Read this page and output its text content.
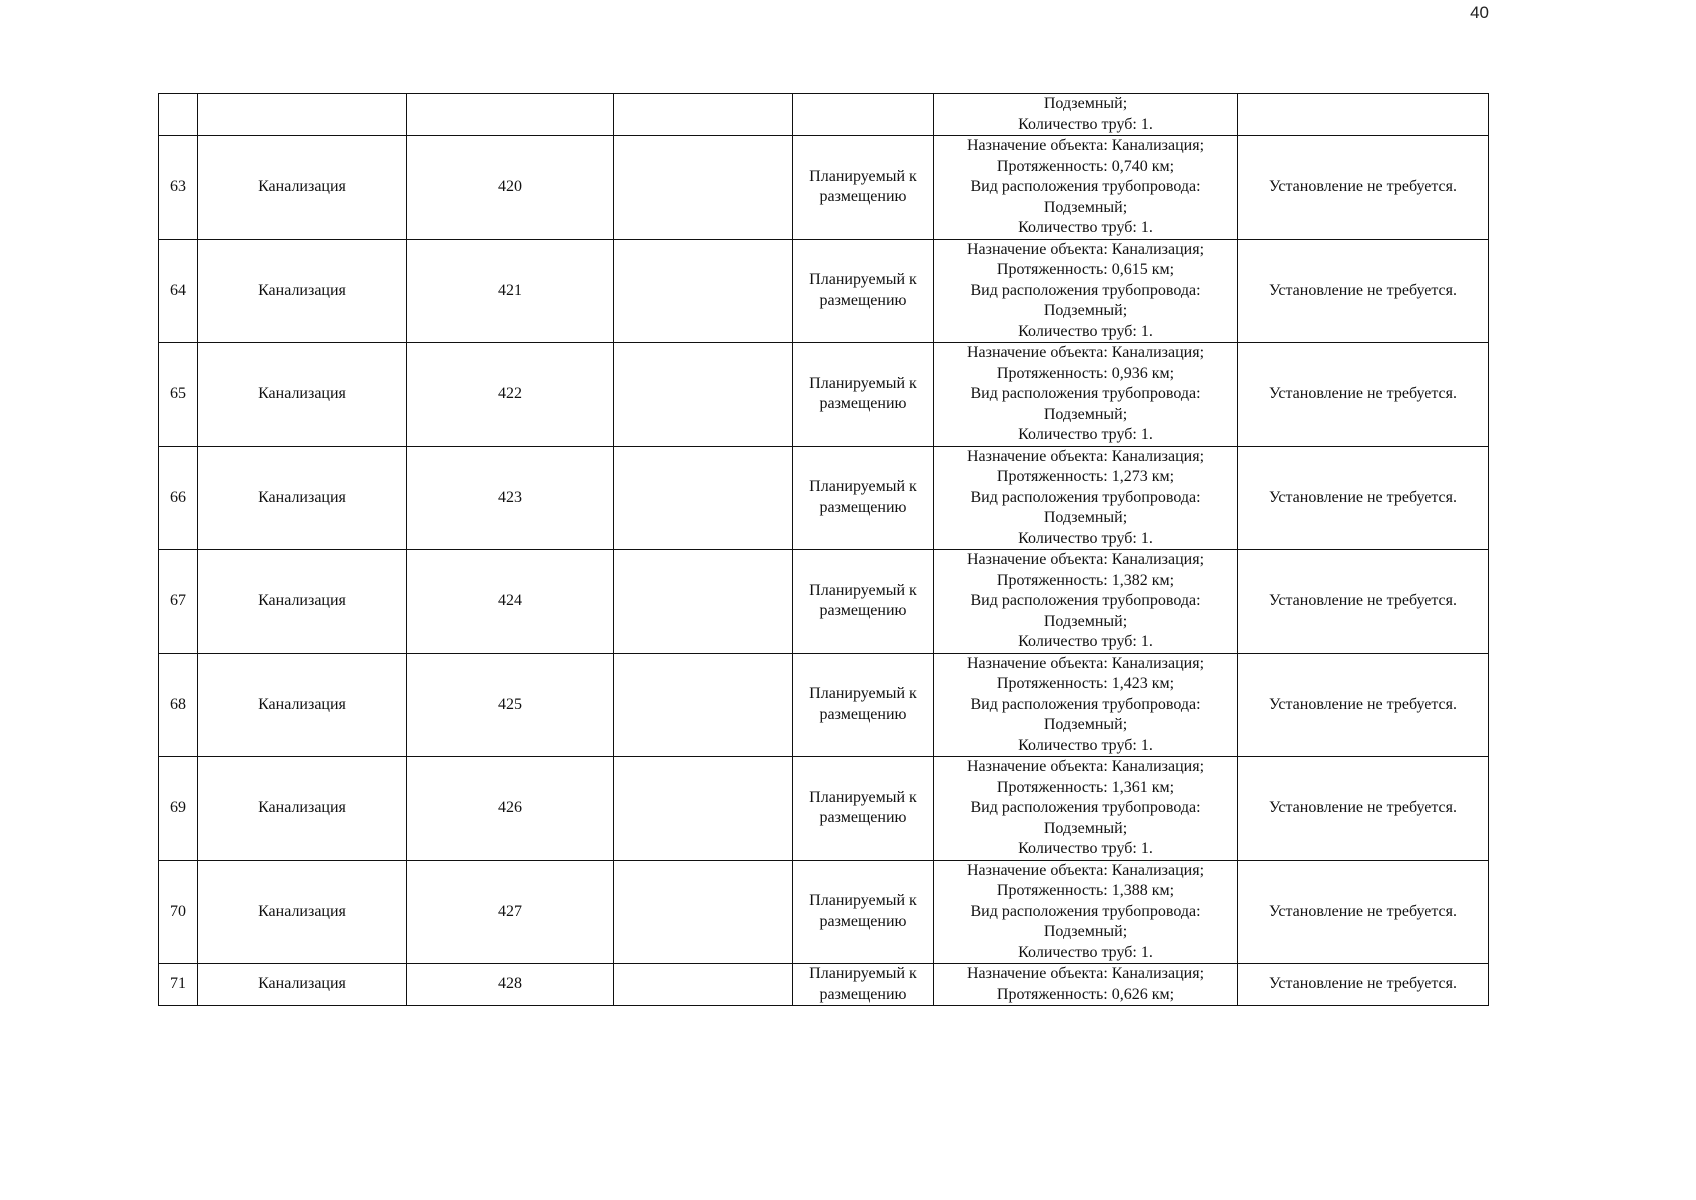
40

					Подземный;
Количество труб: 1.	

63	Канализация	420		Планируемый к размещению	Назначение объекта: Канализация;
Протяженность: 0,740 км;
Вид расположения трубопровода:
Подземный;
Количество труб: 1.	Установление не требуется.
64	Канализация	421		Планируемый к размещению	Назначение объекта: Канализация;
Протяженность: 0,615 км;
Вид расположения трубопровода:
Подземный;
Количество труб: 1.	Установление не требуется.
65	Канализация	422		Планируемый к размещению	Назначение объекта: Канализация;
Протяженность: 0,936 км;
Вид расположения трубопровода:
Подземный;
Количество труб: 1.	Установление не требуется.
66	Канализация	423		Планируемый к размещению	Назначение объекта: Канализация;
Протяженность: 1,273 км;
Вид расположения трубопровода:
Подземный;
Количество труб: 1.	Установление не требуется.
67	Канализация	424		Планируемый к размещению	Назначение объекта: Канализация;
Протяженность: 1,382 км;
Вид расположения трубопровода:
Подземный;
Количество труб: 1.	Установление не требуется.
68	Канализация	425		Планируемый к размещению	Назначение объекта: Канализация;
Протяженность: 1,423 км;
Вид расположения трубопровода:
Подземный;
Количество труб: 1.	Установление не требуется.
69	Канализация	426		Планируемый к размещению	Назначение объекта: Канализация;
Протяженность: 1,361 км;
Вид расположения трубопровода:
Подземный;
Количество труб: 1.	Установление не требуется.
70	Канализация	427		Планируемый к размещению	Назначение объекта: Канализация;
Протяженность: 1,388 км;
Вид расположения трубопровода:
Подземный;
Количество труб: 1.	Установление не требуется.
71	Канализация	428		Планируемый к размещению	Назначение объекта: Канализация;
Протяженность: 0,626 км;	Установление не требуется.
